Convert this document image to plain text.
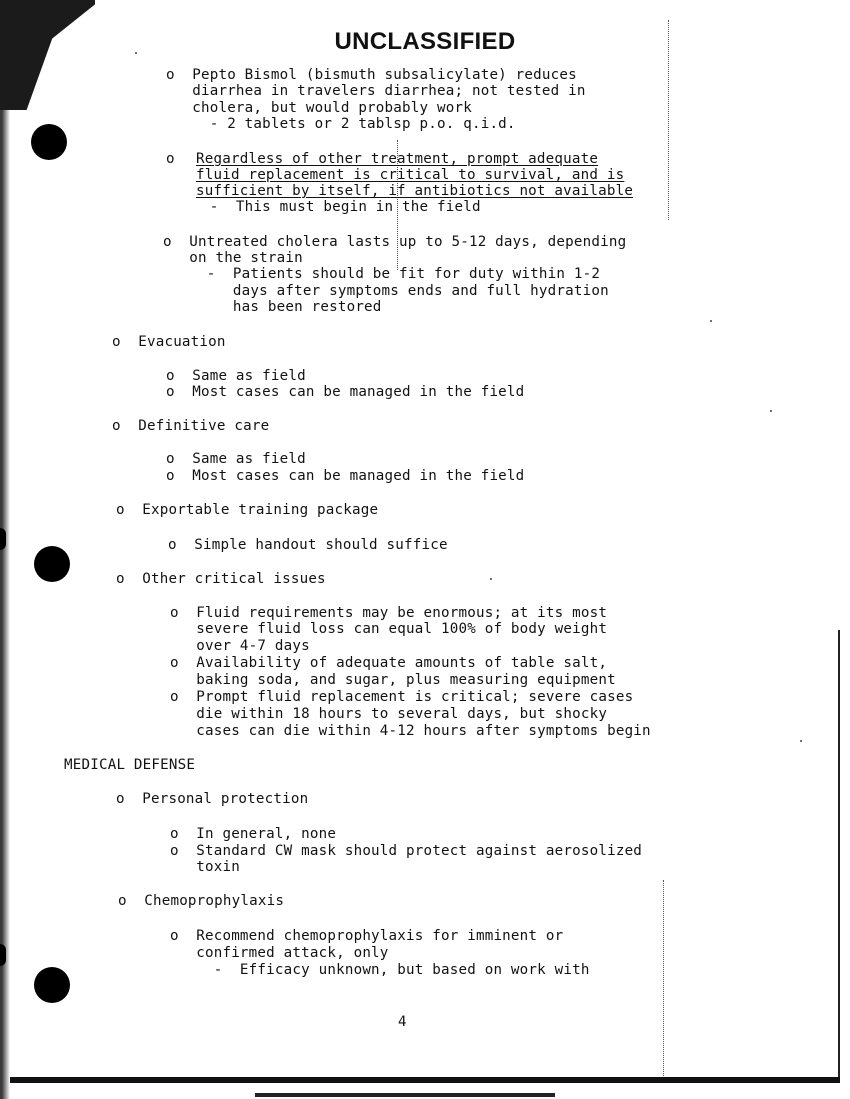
UNCLASSIFIED
o  Pepto Bismol (bismuth subsalicylate) reduces
diarrhea in travelers diarrhea; not tested in
cholera, but would probably work
- 2 tablets or 2 tablsp p.o. q.i.d.
o Regardless of other treatment, prompt adequate
fluid replacement is critical to survival, and is
sufficient by itself, if antibiotics not available
-  This must begin in the field
o  Untreated cholera lasts up to 5-12 days, depending
on the strain
-  Patients should be fit for duty within 1-2
days after symptoms ends and full hydration
has been restored
o  Evacuation
o  Same as field
o  Most cases can be managed in the field
o  Definitive care
o  Same as field
o  Most cases can be managed in the field
o  Exportable training package
o  Simple handout should suffice
o  Other critical issues
o  Fluid requirements may be enormous; at its most
severe fluid loss can equal 100% of body weight
over 4-7 days
o  Availability of adequate amounts of table salt,
baking soda, and sugar, plus measuring equipment
o  Prompt fluid replacement is critical; severe cases
die within 18 hours to several days, but shocky
cases can die within 4-12 hours after symptoms begin
MEDICAL DEFENSE
o  Personal protection
o  In general, none
o  Standard CW mask should protect against aerosolized
toxin
o  Chemoprophylaxis
o  Recommend chemoprophylaxis for imminent or
confirmed attack, only
-  Efficacy unknown, but based on work with
4
